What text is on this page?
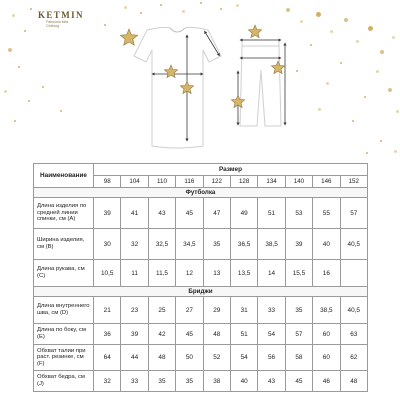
KETMIN
Fabulous kids
Clothing
Наименование	Размер									
	98	104	110	116	122	128	134	140	146	152
Футболка										
Длина изделия по средней линии спинки, см (A)	39	41	43	45	47	49	51	53	55	57
Ширина изделия, см (B)	30	32	32,5	34,5	35	36,5	38,5	39	40	40,5
Длина рукава, см (C)	10,5	11	11,5	12	13	13,5	14	15,5	16	
Бриджи										
Длина внутреннего шва, см (D)	21	23	25	27	29	31	33	35	38,5	40,5
Длина по боку, см (E)	36	39	42	45	48	51	54	57	60	63
Обхват талии при раст. резинке, см (F)	64	44	48	50	52	54	56	58	60	62
Обхват бедра, см (J)	32	33	35	35	38	40	43	45	46	48
